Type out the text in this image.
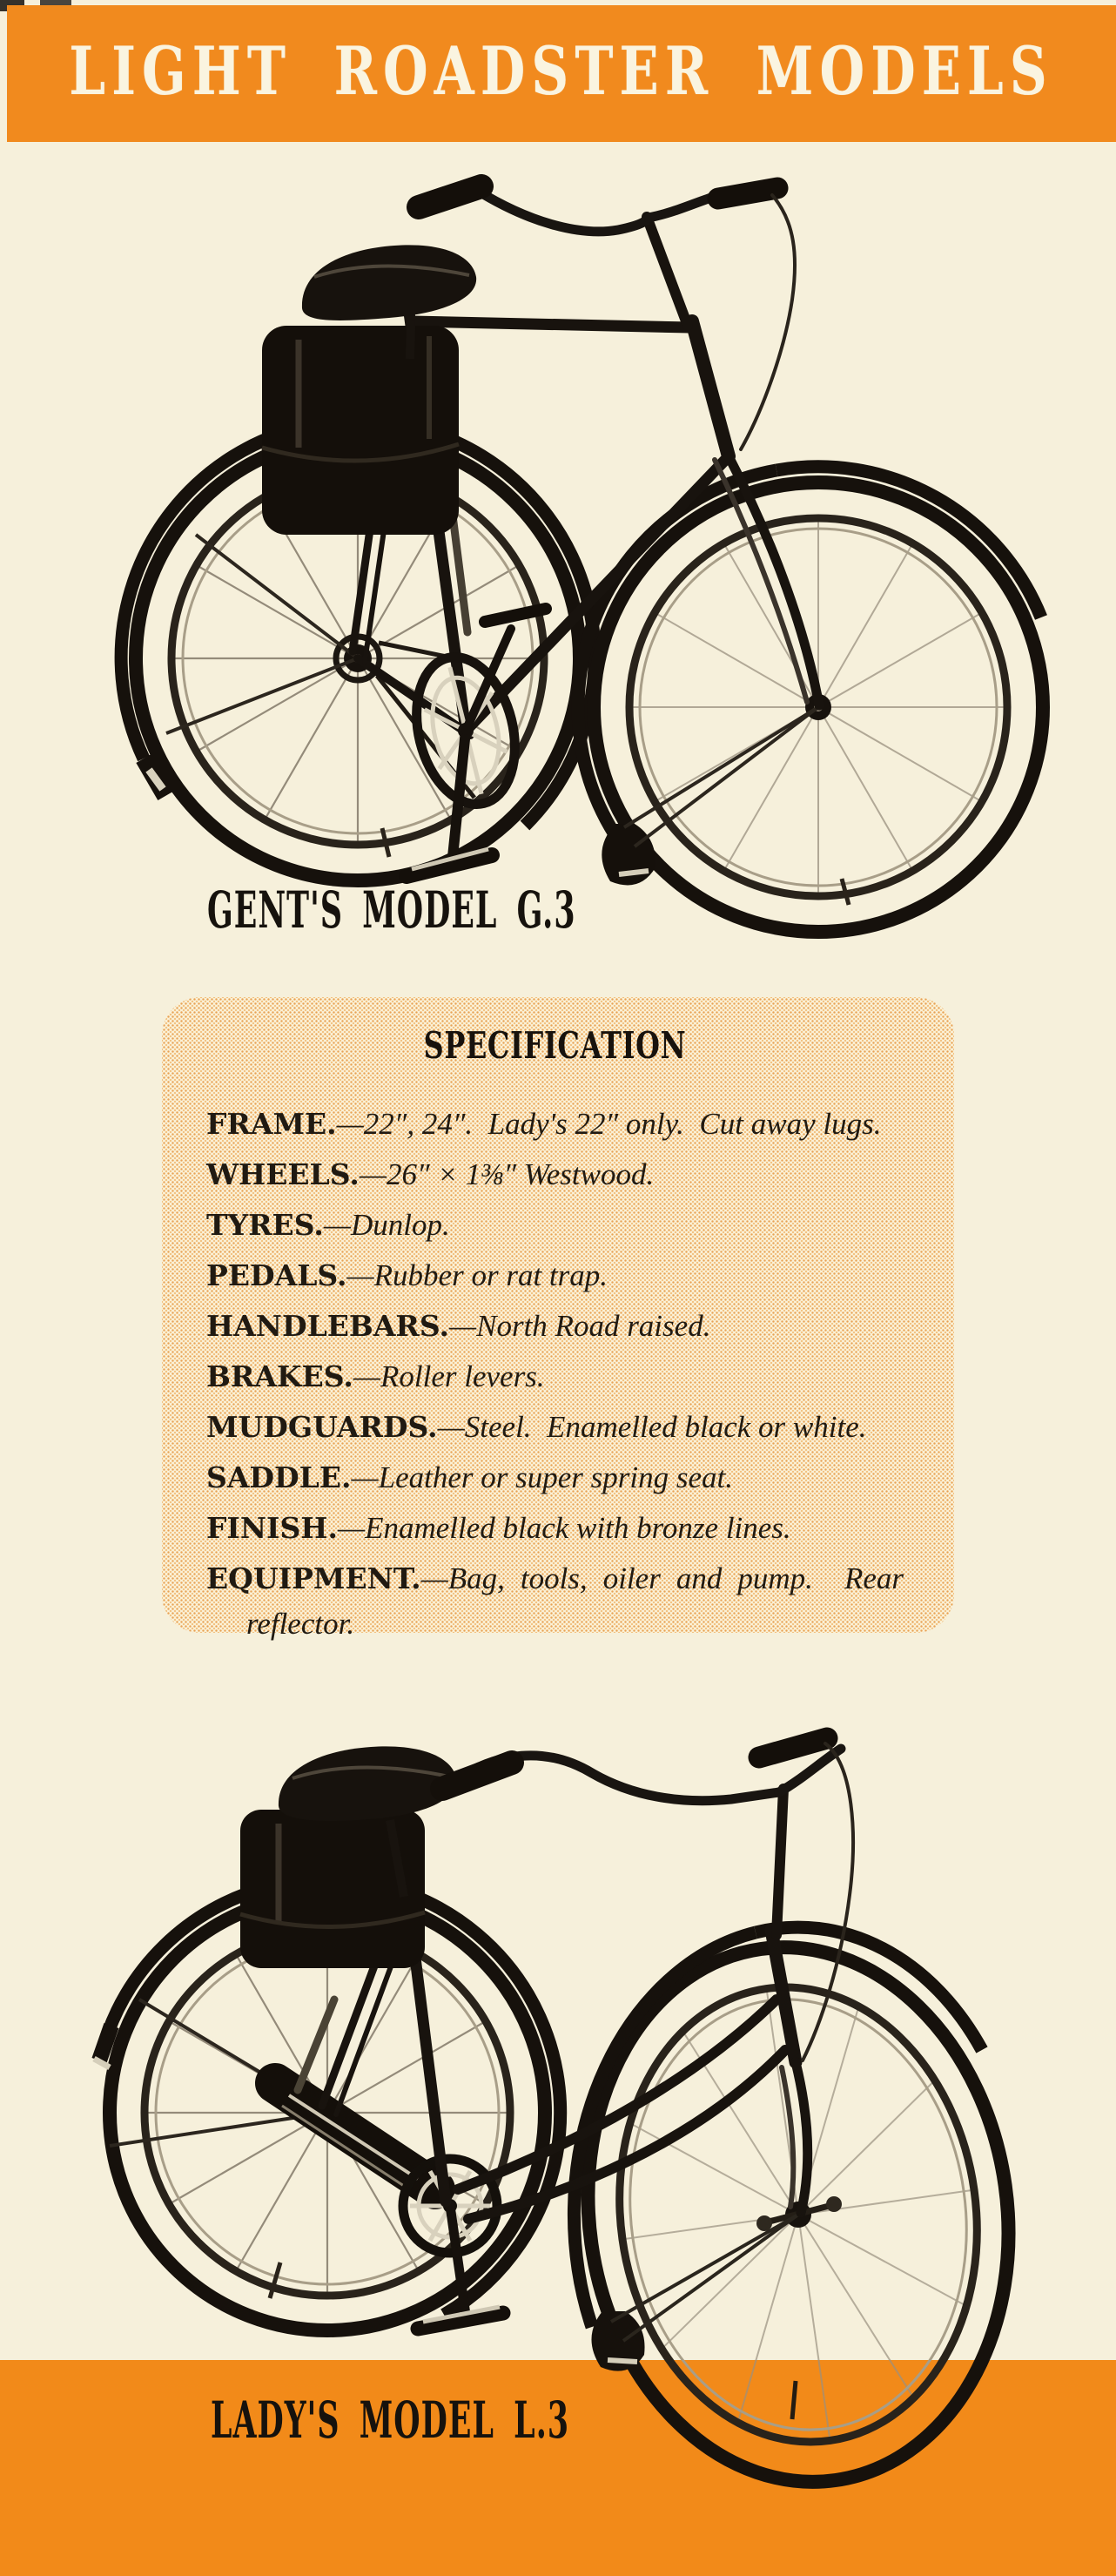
LIGHT ROADSTER MODELS
GENT'S MODEL G.3
SPECIFICATION

FRAME.—22″, 24″.  Lady's 22″ only.  Cut away lugs.

WHEELS.—26″ × 1⅜″ Westwood.

TYRES.—Dunlop.

PEDALS.—Rubber or rat trap.

HANDLEBARS.—North Road raised.

BRAKES.—Roller levers.

MUDGUARDS.—Steel.  Enamelled black or white.

SADDLE.—Leather or super spring seat.

FINISH.—Enamelled black with bronze lines.

EQUIPMENT.—Bag, tools, oiler and pump.  Rear reflector.

LADY'S MODEL L.3
